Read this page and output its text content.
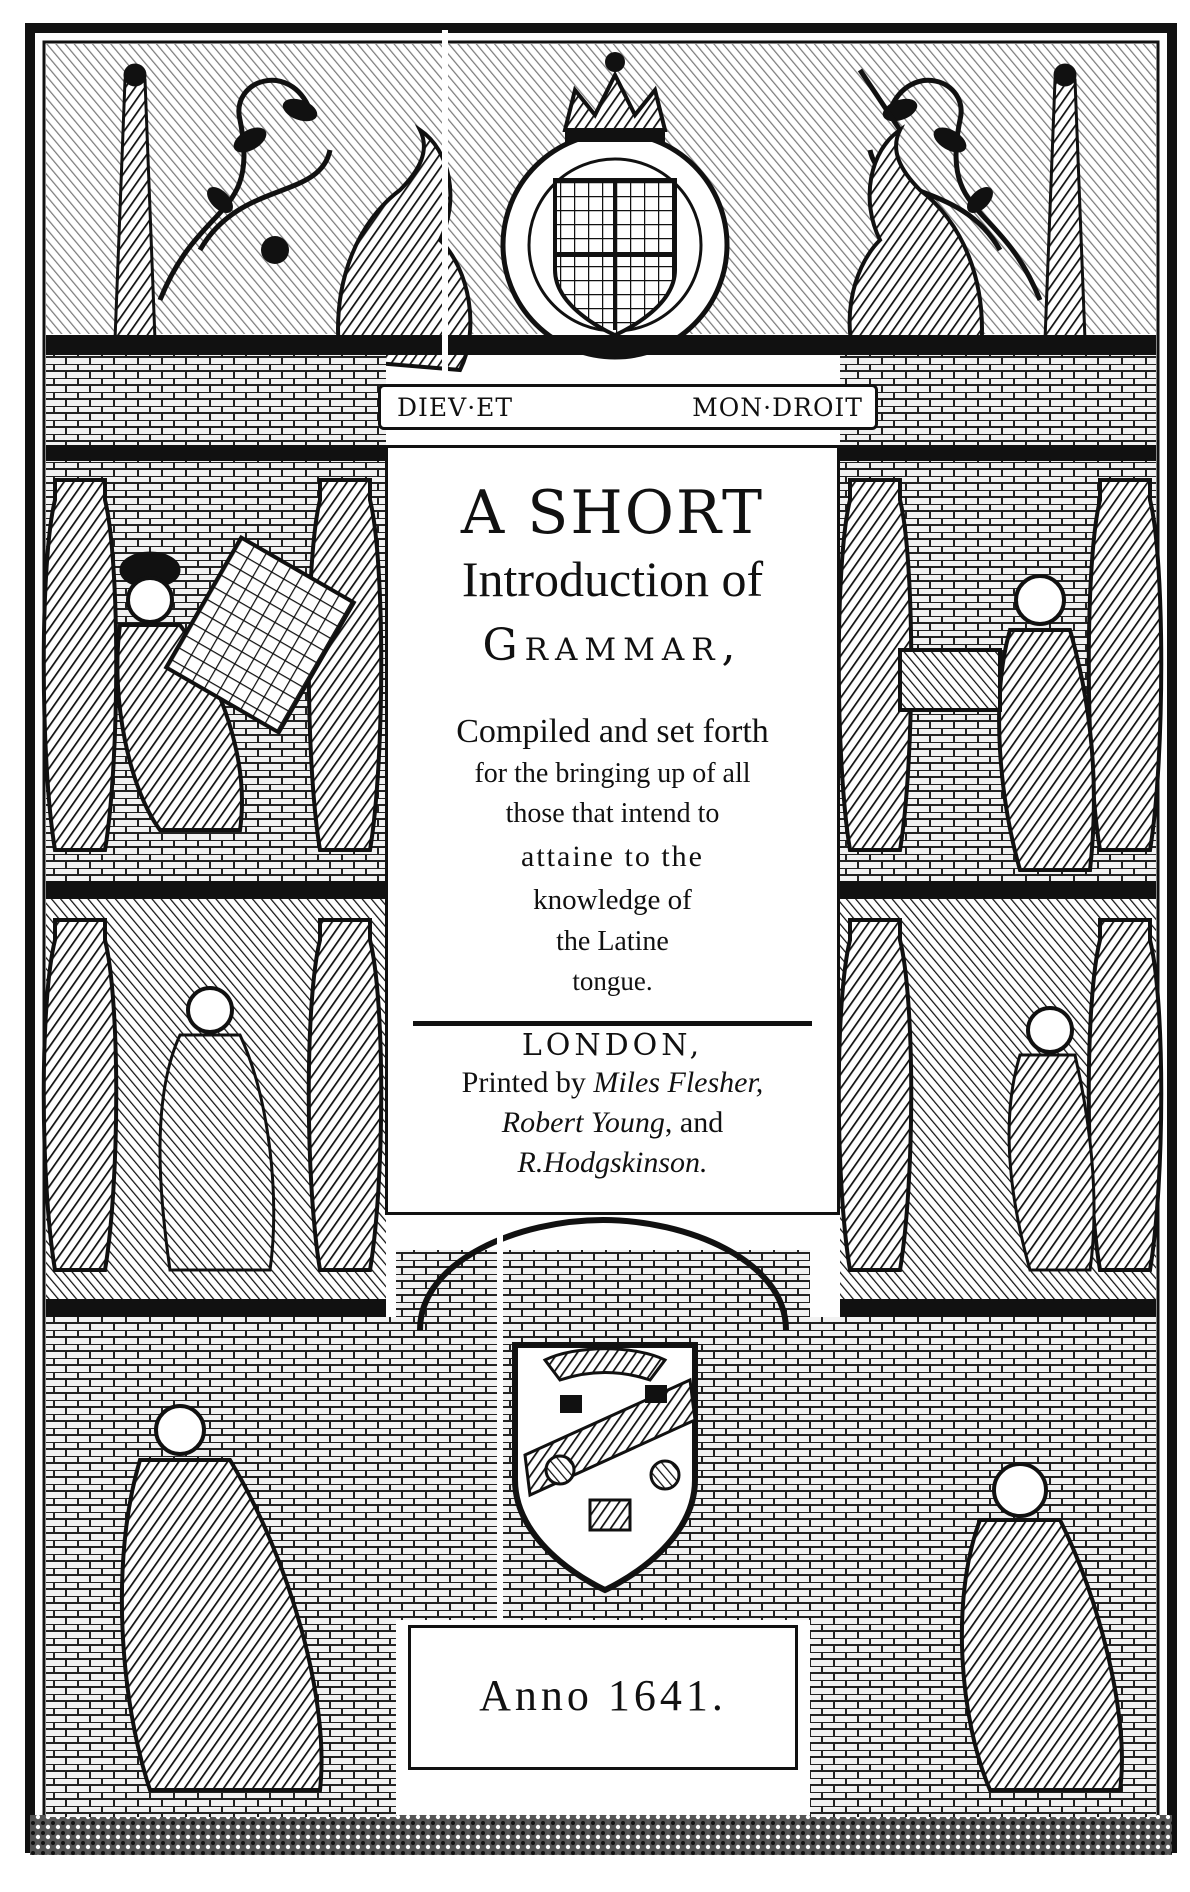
DIEV·ET	MON·DROIT
A SHORT
Introduction of
Grammar,
Compiled and set forth
for the bringing up of all
those that intend to
attaine to the
knowledge of
the Latine
tongue.
LONDON,
Printed by Miles Flesher,
Robert Young, and
R.Hodgskinson.
Anno 1641.
